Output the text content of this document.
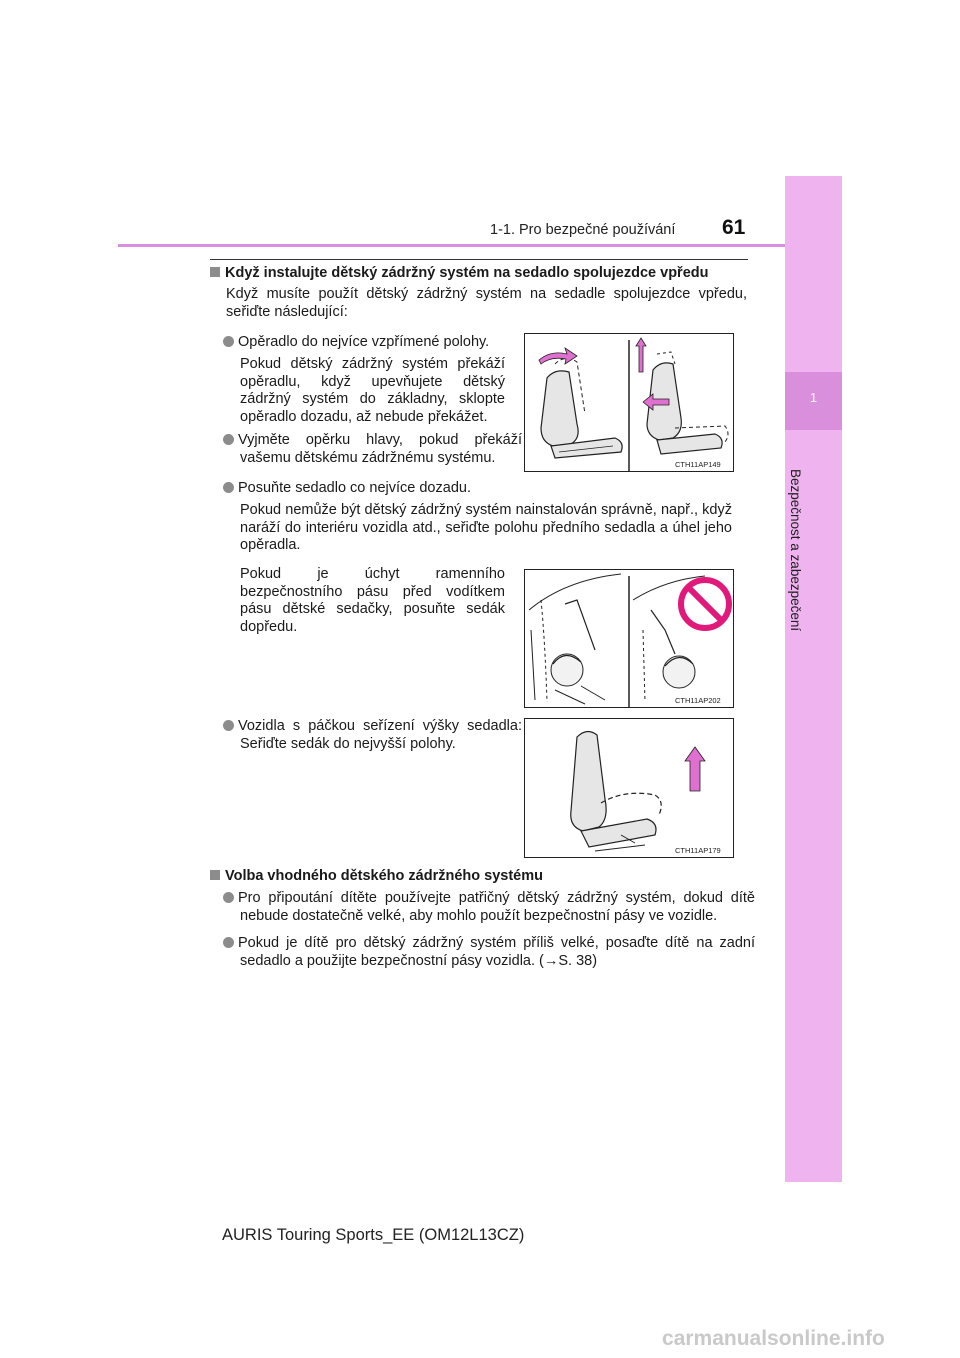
1
Bezpečnost a zabezpečení
1-1. Pro bezpečné používání 61
Když instalujte dětský zádržný systém na sedadlo spolujezdce vpředu
Když musíte použít dětský zádržný systém na sedadle spolujezdce vpředu, seřiďte následující:
Opěradlo do nejvíce vzpřímené polohy.
Pokud dětský zádržný systém překáží opěradlu, když upevňujete dětský zádržný systém do základny, sklopte opěradlo dozadu, až nebude překážet.
Vyjměte opěrku hlavy, pokud překáží vašemu dětskému zádržnému systému.	CTH11AP149
Posuňte sedadlo co nejvíce dozadu.
Pokud nemůže být dětský zádržný systém nainstalován správně, např., když naráží do interiéru vozidla atd., seřiďte polohu předního sedadla a úhel jeho opěradla.
Pokud je úchyt ramenního bezpečnostního pásu před vodítkem pásu dětské sedačky, posuňte sedák dopředu.
CTH11AP202
Vozidla s páčkou seřízení výšky sedadla: Seřiďte sedák do nejvyšší polohy.
CTH11AP179
Volba vhodného dětského zádržného systému
Pro připoutání dítěte používejte patřičný dětský zádržný systém, dokud dítě nebude dostatečně velké, aby mohlo použít bezpečnostní pásy ve vozidle.
Pokud je dítě pro dětský zádržný systém příliš velké, posaďte dítě na zadní sedadlo a použijte bezpečnostní pásy vozidla. (→S. 38)
AURIS Touring Sports_EE (OM12L13CZ)
carmanualsonline.info
